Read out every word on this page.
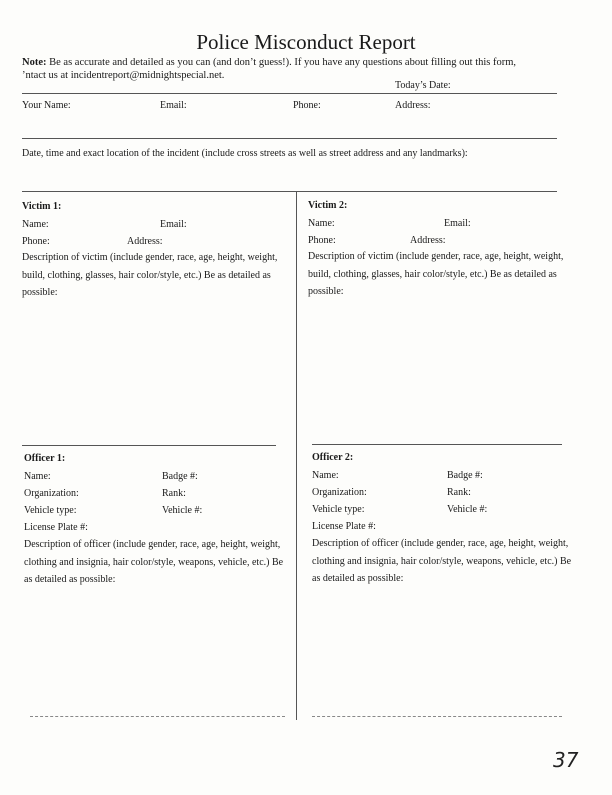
Police Misconduct Report
Note: Be as accurate and detailed as you can (and don’t guess!). If you have any questions about filling out this form,
ʼntact us at incidentreport@midnightspecial.net.
Today’s Date:
Your Name:	Email:	Phone:	Address:
Date, time and exact location of the incident (include cross streets as well as street address and any landmarks):
Victim 1:
Name:	Email:
Phone:	Address:
Description of victim (include gender, race, age, height, weight, build, clothing, glasses, hair color/style, etc.) Be as detailed as possible:
Victim 2:
Name:	Email:
Phone:	Address:
Description of victim (include gender, race, age, height, weight, build, clothing, glasses, hair color/style, etc.) Be as detailed as possible:
Officer 1:
Name:	Badge #:
Organization:	Rank:
Vehicle type:	Vehicle #:
License Plate #:
Description of officer (include gender, race, age, height, weight, clothing and insignia, hair color/style, weapons, vehicle, etc.) Be as detailed as possible:
Officer 2:
Name:	Badge #:
Organization:	Rank:
Vehicle type:	Vehicle #:
License Plate #:
Description of officer (include gender, race, age, height, weight, clothing and insignia, hair color/style, weapons, vehicle, etc.) Be as detailed as possible:
37
